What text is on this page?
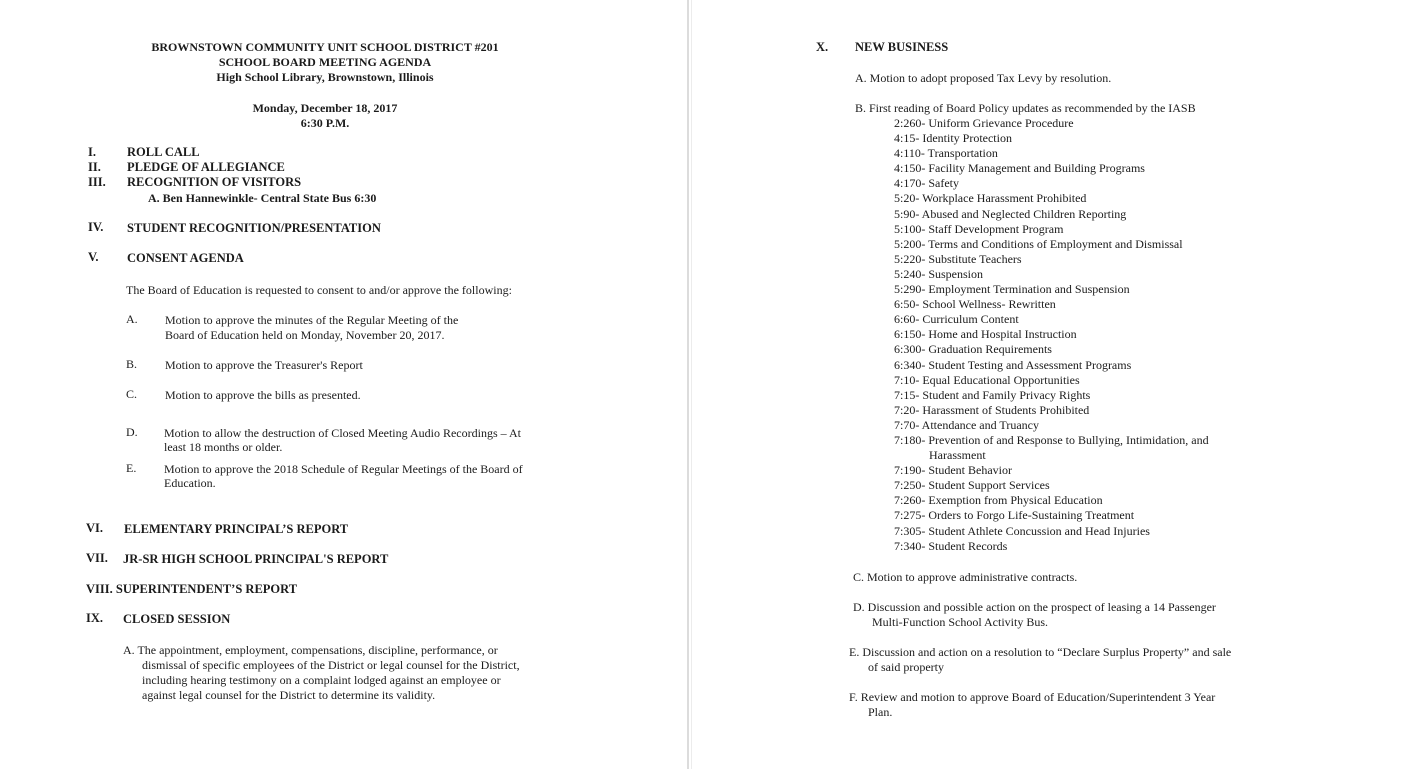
BROWNSTOWN COMMUNITY UNIT SCHOOL DISTRICT #201
SCHOOL BOARD MEETING AGENDA
High School Library, Brownstown, Illinois
Monday, December 18, 2017
6:30 P.M.
I. ROLL CALL
II. PLEDGE OF ALLEGIANCE
III. RECOGNITION OF VISITORS
A. Ben Hannewinkle- Central State Bus 6:30
IV. STUDENT RECOGNITION/PRESENTATION
V. CONSENT AGENDA
The Board of Education is requested to consent to and/or approve the following:
A. Motion to approve the minutes of the Regular Meeting of the
Board of Education held on Monday, November 20, 2017.
B. Motion to approve the Treasurer's Report
C. Motion to approve the bills as presented.
D. Motion to allow the destruction of Closed Meeting Audio Recordings – At
least 18 months or older.
E. Motion to approve the 2018 Schedule of Regular Meetings of the Board of
Education.
VI. ELEMENTARY PRINCIPAL’S REPORT
VII. JR-SR HIGH SCHOOL PRINCIPAL'S REPORT
VIII. SUPERINTENDENT’S REPORT
IX. CLOSED SESSION
A. The appointment, employment, compensations, discipline, performance, or
dismissal of specific employees of the District or legal counsel for the District,
including hearing testimony on a complaint lodged against an employee or
against legal counsel for the District to determine its validity.
X. NEW BUSINESS
A. Motion to adopt proposed Tax Levy by resolution.
B. First reading of Board Policy updates as recommended by the IASB
2:260- Uniform Grievance Procedure
4:15- Identity Protection
4:110- Transportation
4:150- Facility Management and Building Programs
4:170- Safety
5:20- Workplace Harassment Prohibited
5:90- Abused and Neglected Children Reporting
5:100- Staff Development Program
5:200- Terms and Conditions of Employment and Dismissal
5:220- Substitute Teachers
5:240- Suspension
5:290- Employment Termination and Suspension
6:50- School Wellness- Rewritten
6:60- Curriculum Content
6:150- Home and Hospital Instruction
6:300- Graduation Requirements
6:340- Student Testing and Assessment Programs
7:10- Equal Educational Opportunities
7:15- Student and Family Privacy Rights
7:20- Harassment of Students Prohibited
7:70- Attendance and Truancy
7:180- Prevention of and Response to Bullying, Intimidation, and
Harassment
7:190- Student Behavior
7:250- Student Support Services
7:260- Exemption from Physical Education
7:275- Orders to Forgo Life-Sustaining Treatment
7:305- Student Athlete Concussion and Head Injuries
7:340- Student Records
C. Motion to approve administrative contracts.
D. Discussion and possible action on the prospect of leasing a 14 Passenger
Multi-Function School Activity Bus.
E. Discussion and action on a resolution to “Declare Surplus Property” and sale
of said property
F. Review and motion to approve Board of Education/Superintendent 3 Year
Plan.
